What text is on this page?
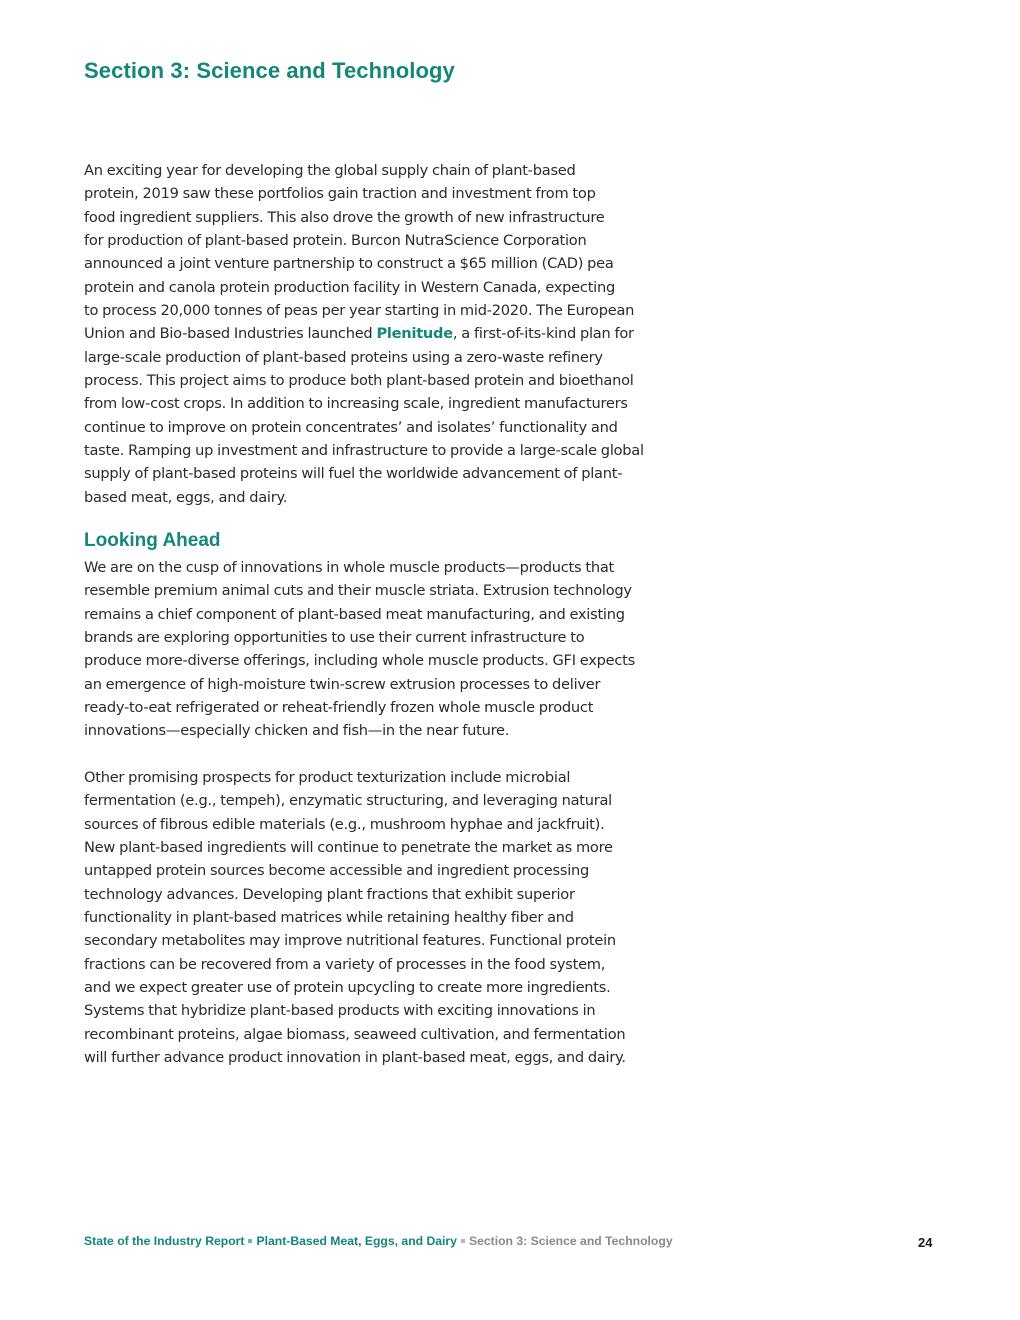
Section 3: Science and Technology
An exciting year for developing the global supply chain of plant-based
protein, 2019 saw these portfolios gain traction and investment from top
food ingredient suppliers. This also drove the growth of new infrastructure
for production of plant-based protein. Burcon NutraScience Corporation
announced a joint venture partnership to construct a $65 million (CAD) pea
protein and canola protein production facility in Western Canada, expecting
to process 20,000 tonnes of peas per year starting in mid-2020. The European
Union and Bio-based Industries launched Plenitude, a first-of-its-kind plan for
large-scale production of plant-based proteins using a zero-waste refinery
process. This project aims to produce both plant-based protein and bioethanol
from low-cost crops. In addition to increasing scale, ingredient manufacturers
continue to improve on protein concentrates’ and isolates’ functionality and
taste. Ramping up investment and infrastructure to provide a large-scale global
supply of plant-based proteins will fuel the worldwide advancement of plant-
based meat, eggs, and dairy.
Looking Ahead
We are on the cusp of innovations in whole muscle products—products that
resemble premium animal cuts and their muscle striata. Extrusion technology
remains a chief component of plant-based meat manufacturing, and existing
brands are exploring opportunities to use their current infrastructure to
produce more-diverse offerings, including whole muscle products. GFI expects
an emergence of high-moisture twin-screw extrusion processes to deliver
ready-to-eat refrigerated or reheat-friendly frozen whole muscle product
innovations—especially chicken and fish—in the near future.
Other promising prospects for product texturization include microbial
fermentation (e.g., tempeh), enzymatic structuring, and leveraging natural
sources of fibrous edible materials (e.g., mushroom hyphae and jackfruit).
New plant-based ingredients will continue to penetrate the market as more
untapped protein sources become accessible and ingredient processing
technology advances. Developing plant fractions that exhibit superior
functionality in plant-based matrices while retaining healthy fiber and
secondary metabolites may improve nutritional features. Functional protein
fractions can be recovered from a variety of processes in the food system,
and we expect greater use of protein upcycling to create more ingredients.
Systems that hybridize plant-based products with exciting innovations in
recombinant proteins, algae biomass, seaweed cultivation, and fermentation
will further advance product innovation in plant-based meat, eggs, and dairy.
State of the Industry Report Plant-Based Meat, Eggs, and Dairy Section 3: Science and Technology	24
